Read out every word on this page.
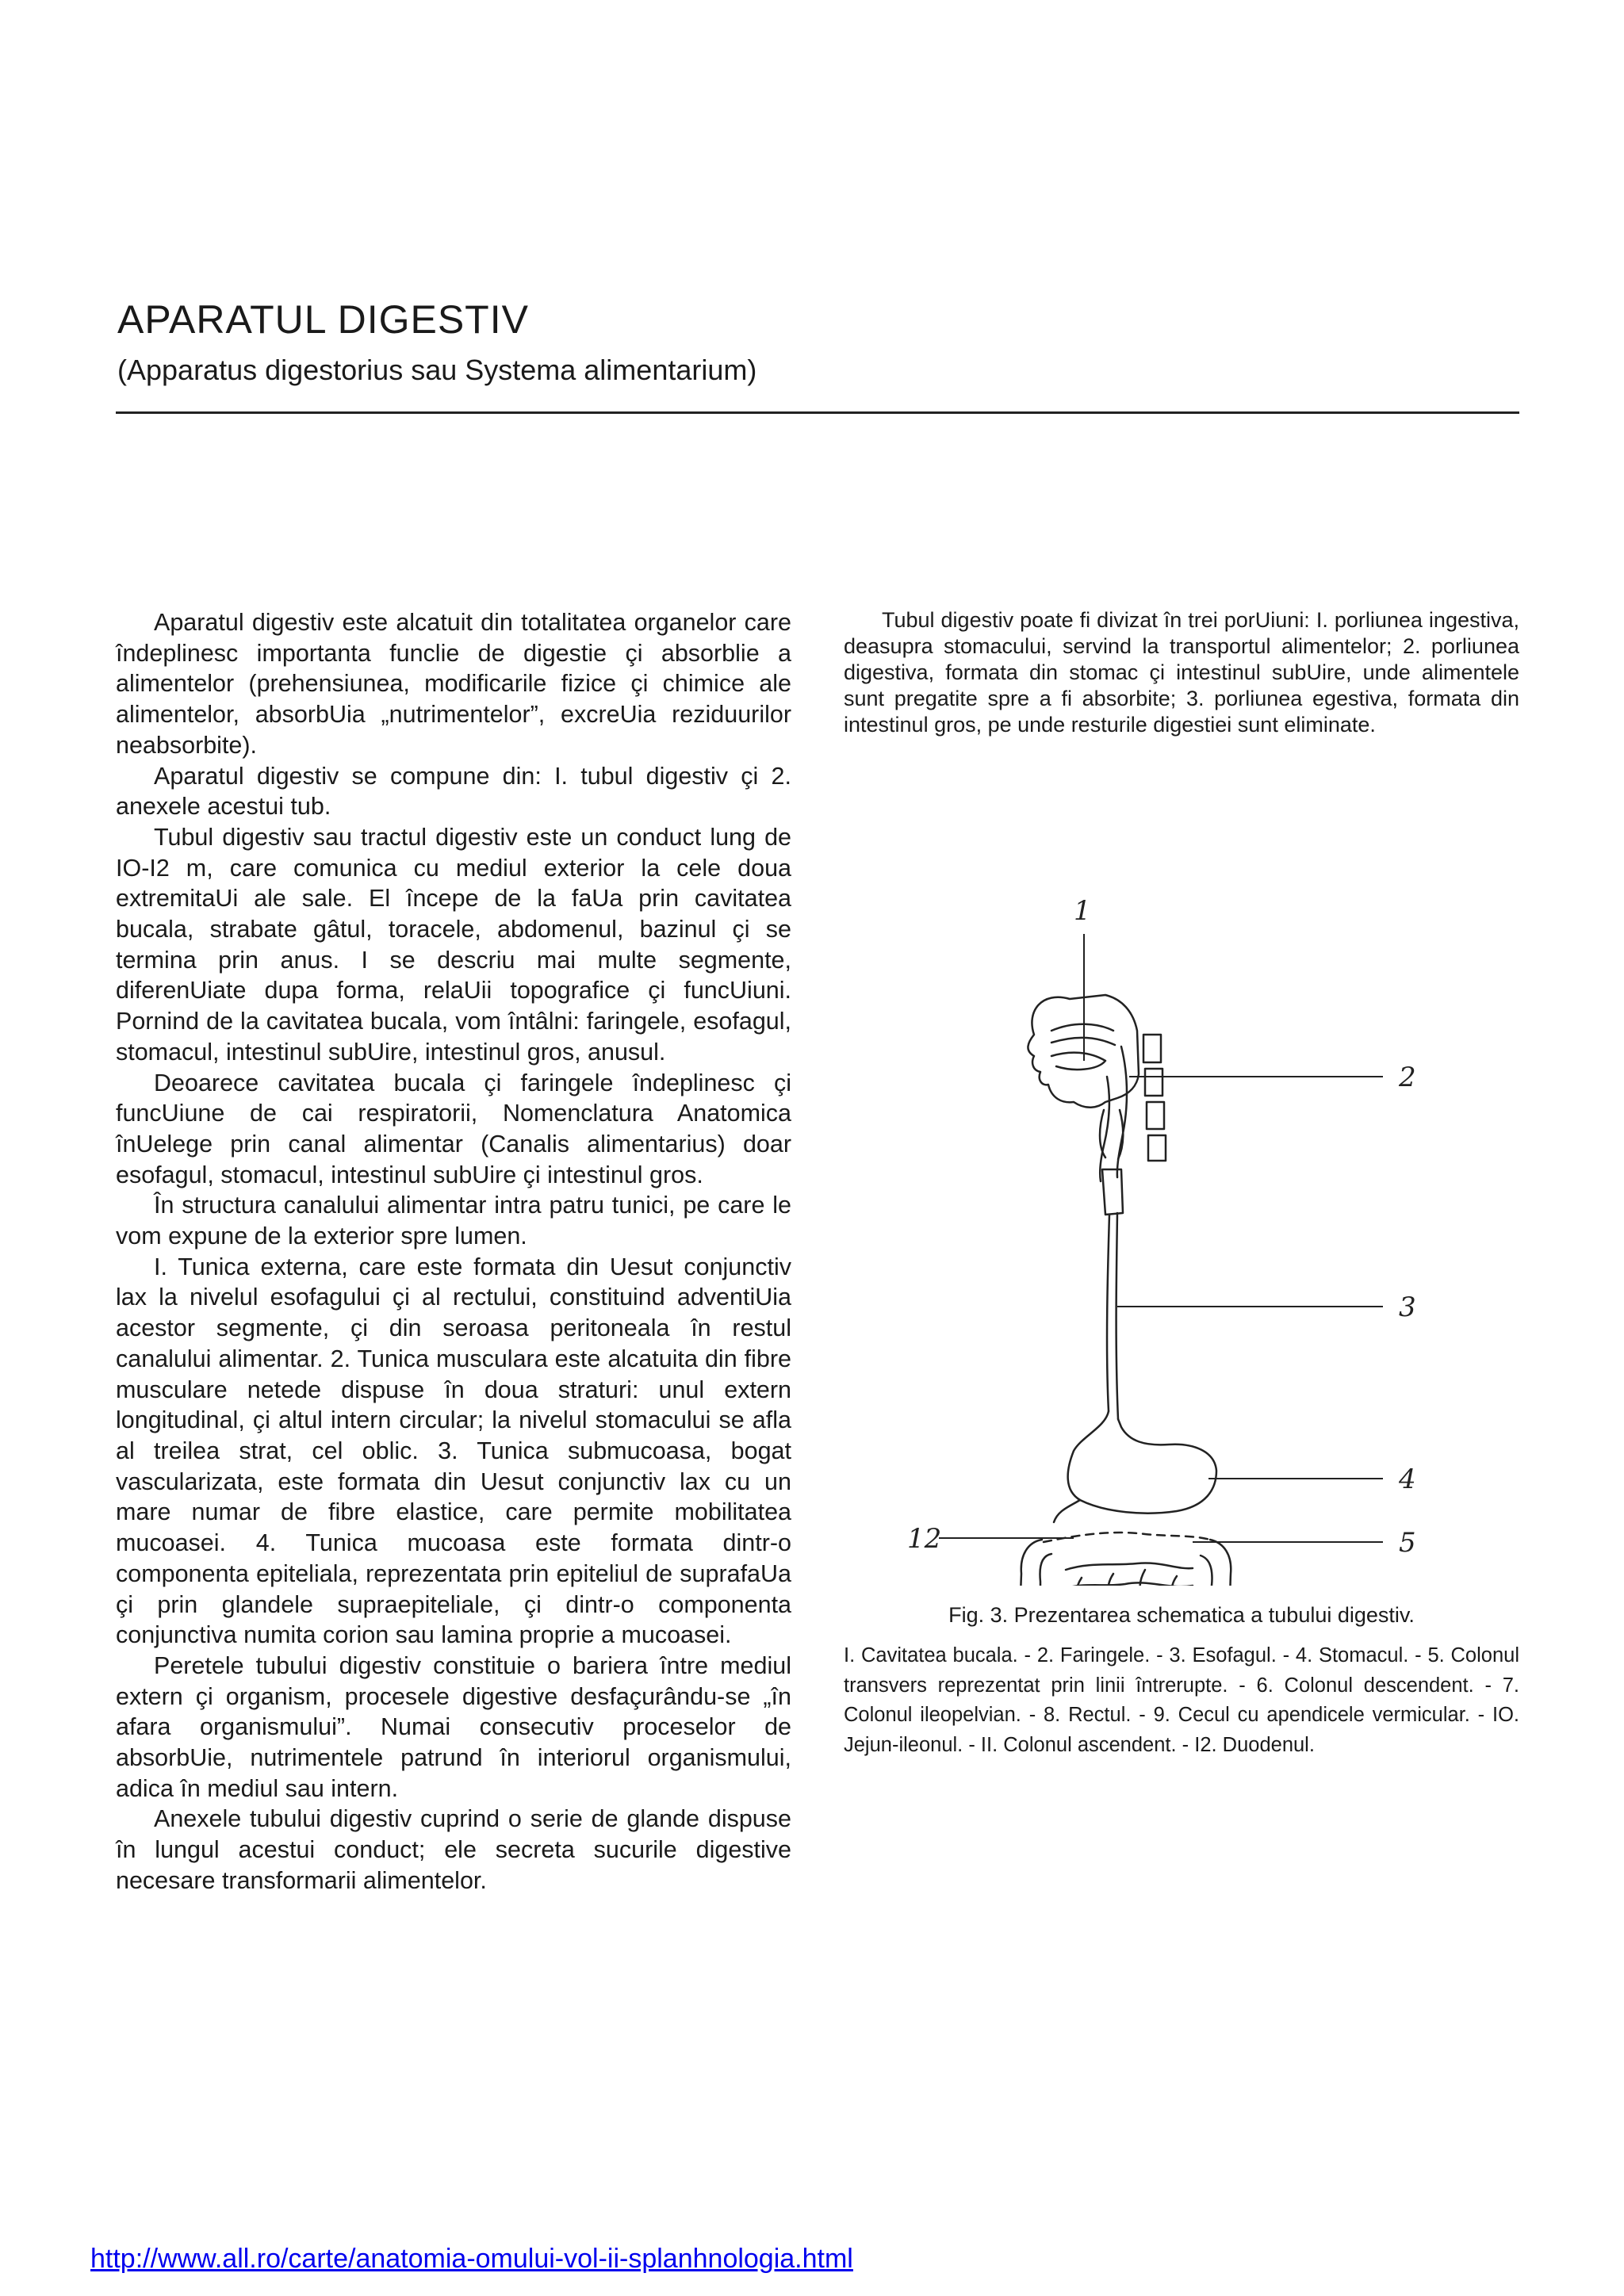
APARATUL DIGESTIV

(Apparatus digestorius sau Systema alimentarium)

Aparatul digestiv este alcatuit din totalitatea organelor care îndeplinesc importanta funclie de digestie çi absorblie a alimentelor (prehensiunea, modificarile fizice çi chimice ale alimentelor, absorbUia „nutrimentelor”, excreUia reziduurilor neabsorbite).

Aparatul digestiv se compune din: I. tubul digestiv çi 2. anexele acestui tub.

Tubul digestiv sau tractul digestiv este un conduct lung de IO-I2 m, care comunica cu mediul exterior la cele doua extremitaUi ale sale. El începe de la faUa prin cavitatea bucala, strabate gâtul, toracele, abdomenul, bazinul çi se termina prin anus. I se descriu mai multe segmente, diferenUiate dupa forma, relaUii topografice çi funcUiuni. Pornind de la cavitatea bucala, vom întâlni: faringele, esofagul, stomacul, intestinul subUire, intestinul gros, anusul.

Deoarece cavitatea bucala çi faringele îndeplinesc çi funcUiune de cai respiratorii, Nomenclatura Anatomica înUelege prin canal alimentar (Canalis alimentarius) doar esofagul, stomacul, intestinul subUire çi intestinul gros.

În structura canalului alimentar intra patru tunici, pe care le vom expune de la exterior spre lumen.

I. Tunica externa, care este formata din Uesut conjunctiv lax la nivelul esofagului çi al rectului, constituind adventiUia acestor segmente, çi din seroasa peritoneala în restul canalului alimentar. 2. Tunica musculara este alcatuita din fibre musculare netede dispuse în doua straturi: unul extern longitudinal, çi altul intern circular; la nivelul stomacului se afla al treilea strat, cel oblic. 3. Tunica submucoasa, bogat vascularizata, este formata din Uesut conjunctiv lax cu un mare numar de fibre elastice, care permite mobilitatea mucoasei. 4. Tunica mucoasa este formata dintr-o componenta epiteliala, reprezentata prin epiteliul de suprafaUa çi prin glandele supraepiteliale, çi dintr-o componenta conjunctiva numita corion sau lamina proprie a mucoasei.

Peretele tubului digestiv constituie o bariera între mediul extern çi organism, procesele digestive desfaçurându-se „în afara organismului”. Numai consecutiv proceselor de absorbUie, nutrimentele patrund în interiorul organismului, adica în mediul sau intern.

Anexele tubului digestiv cuprind o serie de glande dispuse în lungul acestui conduct; ele secreta sucurile digestive necesare transformarii alimentelor.

Tubul digestiv poate fi divizat în trei porUiuni: I. porliunea ingestiva, deasupra stomacului, servind la transportul alimentelor; 2. porliunea digestiva, formata din stomac çi intestinul subUire, unde alimentele sunt pregatite spre a fi absorbite; 3. porliunea egestiva, formata din intestinul gros, pe unde resturile digestiei sunt eliminate.

1
2
3
4
5
12

Fig. 3. Prezentarea schematica a tubului digestiv.

I. Cavitatea bucala. - 2. Faringele. - 3. Esofagul. - 4. Stomacul. - 5. Colonul transvers reprezentat prin linii întrerupte. - 6. Colonul descendent. - 7. Colonul ileopelvian. - 8. Rectul. - 9. Cecul cu apendicele vermicular. - IO. Jejun-ileonul. - II. Colonul ascendent. - I2. Duodenul.

http://www.all.ro/carte/anatomia-omului-vol-ii-splanhnologia.html
